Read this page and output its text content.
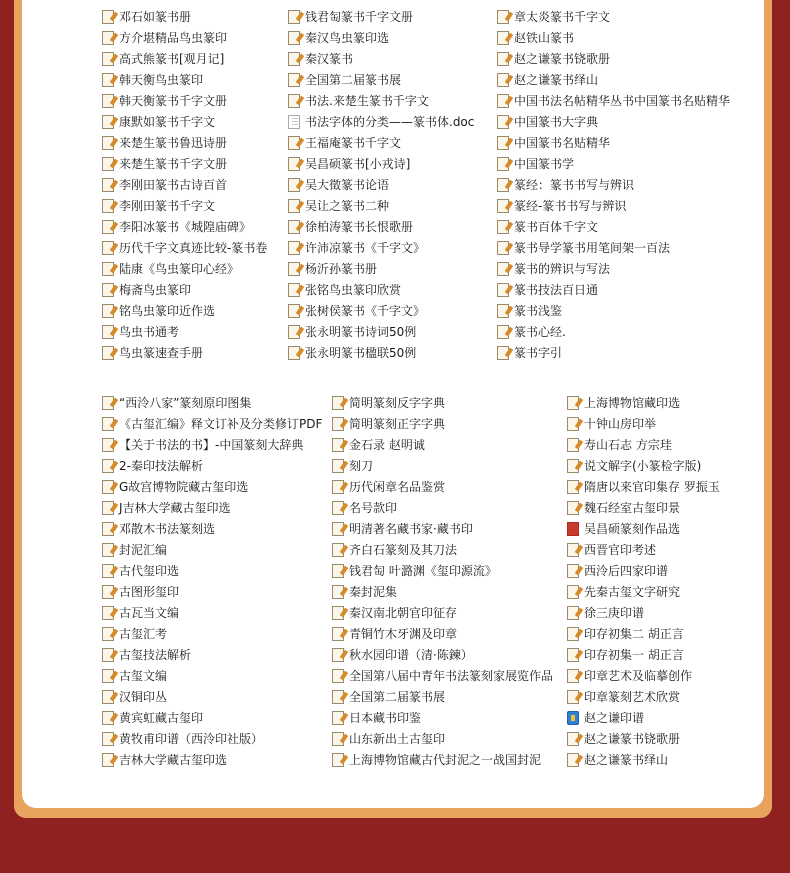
邓石如篆书册
方介堪精品鸟虫篆印
高式熊篆书[观月记]
韩天衡鸟虫篆印
韩天衡篆书千字文册
康默如篆书千字文
来楚生篆书鲁迅诗册
来楚生篆书千字文册
李刚田篆书古诗百首
李刚田篆书千字文
李阳冰篆书《城隍庙碑》
历代千字文真迹比较-篆书卷
陆康《鸟虫篆印心经》
梅斋鸟虫篆印
铭鸟虫篆印近作选
鸟虫书通考
鸟虫篆速查手册
钱君匋篆书千字文册
秦汉鸟虫篆印选
秦汉篆书
全国第二届篆书展
书法.来楚生篆书千字文
书法字体的分类——篆书体.doc
王福庵篆书千字文
吴昌硕篆书[小戎诗]
吴大徵篆书论语
吴让之篆书二种
徐柏涛篆书长恨歌册
许沛凉篆书《千字文》
杨沂孙篆书册
张铭鸟虫篆印欣赏
张树侯篆书《千字文》
张永明篆书诗词50例
张永明篆书楹联50例
章太炎篆书千字文
赵铁山篆书
赵之谦篆书铙歌册
赵之谦篆书绎山
中国书法名帖精华丛书中国篆书名贴精华
中国篆书大字典
中国篆书名贴精华
中国篆书学
篆经：篆书书写与辨识
篆经-篆书书写与辨识
篆书百体千字文
篆书导学篆书用笔间架一百法
篆书的辨识与写法
篆书技法百日通
篆书浅鉴
篆书心经.
篆书字引
“西泠八家”篆刻原印图集
《古玺汇编》释文订补及分类修订PDF
【关于书法的书】-中国篆刻大辞典
2-秦印技法解析
G故宫博物院藏古玺印选
J吉林大学藏古玺印选
邓散木书法篆刻选
封泥汇编
古代玺印选
古图形玺印
古瓦当文编
古玺汇考
古玺技法解析
古玺文编
汉铜印丛
黄宾虹藏古玺印
黄牧甫印谱（西泠印社版）
吉林大学藏古玺印选
简明篆刻反字字典
简明篆刻正字字典
金石录 赵明诚
刻刀
历代闲章名品鉴赏
名号款印
明清著名藏书家·藏书印
齐白石篆刻及其刀法
钱君匋 叶潞渊《玺印源流》
秦封泥集
秦汉南北朝官印征存
青铜竹木牙渊及印章
秋水园印谱（清·陈鍊）
全国第八届中青年书法篆刻家展览作品
全国第二届篆书展
日本藏书印鉴
山东新出土古玺印
上海博物馆藏古代封泥之一战国封泥
上海博物馆藏印选
十钟山房印举
寿山石志 方宗珪
说文解字(小篆检字版)
隋唐以来官印集存 罗振玉
魏石经室古玺印景
吴昌硕篆刻作品选
西晋官印考述
西泠后四家印谱
先秦古玺文字研究
徐三庚印谱
印存初集二 胡正言
印存初集一 胡正言
印章艺术及临摹创作
印章篆刻艺术欣赏
赵之谦印谱
赵之谦篆书铙歌册
赵之谦篆书绎山
